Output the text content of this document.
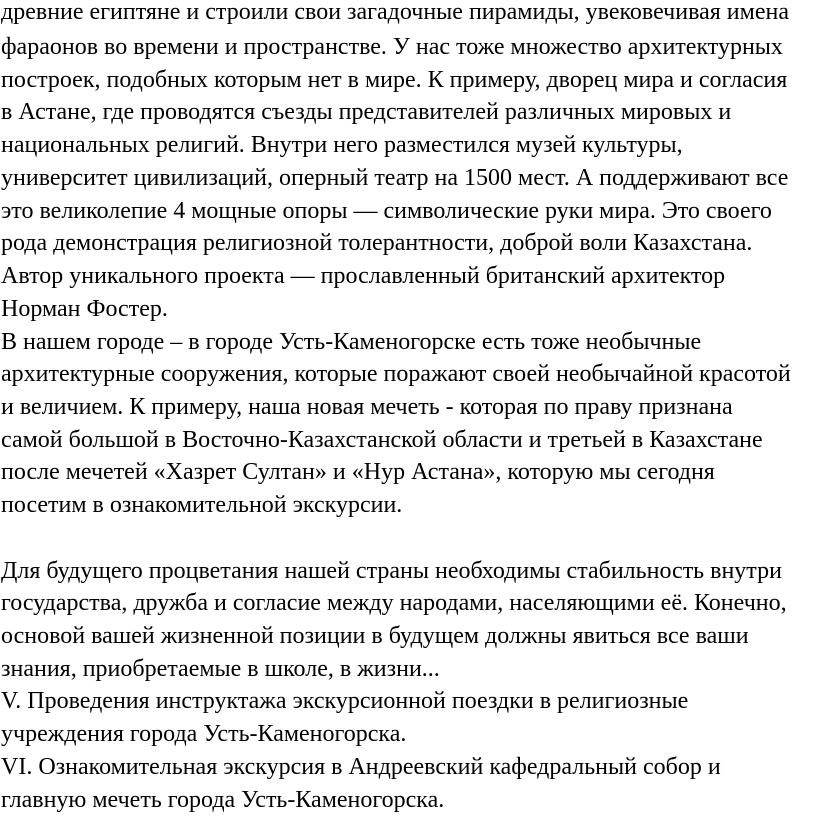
древние египтяне и строили свои загадочные пирамиды, увековечивая имена
фараонов во времени и пространстве. У нас тоже множество архитектурных
построек, подобных которым нет в мире. К примеру, дворец мира и согласия
в Астане, где проводятся съезды представителей различных мировых и
национальных религий. Внутри него разместился музей культуры,
университет цивилизаций, оперный театр на 1500 мест. А поддерживают все
это великолепие 4 мощные опоры — символические руки мира. Это своего
рода демонстрация религиозной толерантности, доброй воли Казахстана.
Автор уникального проекта — прославленный британский архитектор
Норман Фостер.
В нашем городе – в городе Усть-Каменогорске есть тоже необычные
архитектурные сооружения, которые поражают своей необычайной красотой
и величием. К примеру, наша новая мечеть - которая по праву признана
самой большой в Восточно-Казахстанской области и третьей в Казахстане
после мечетей «Хазрет Султан» и «Нур Астана», которую мы сегодня
посетим в ознакомительной экскурсии.
Для будущего процветания нашей страны необходимы стабильность внутри
государства, дружба и согласие между народами, населяющими её. Конечно,
основой вашей жизненной позиции в будущем должны явиться все ваши
знания, приобретаемые в школе, в жизни...
V. Проведения инструктажа экскурсионной поездки в религиозные
учреждения города Усть-Каменогорска.
VI. Ознакомительная экскурсия в Андреевский кафедральный собор и
главную мечеть города Усть-Каменогорска.
